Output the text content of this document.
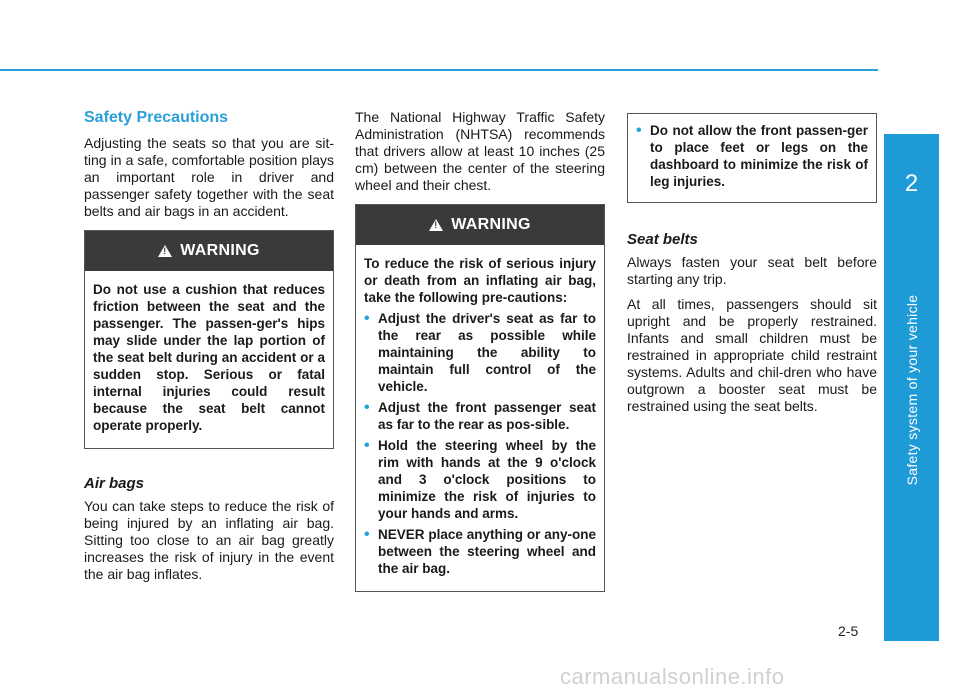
2
Safety system of your vehicle
Safety Precautions

Adjusting the seats so that you are sit-ting in a safe, comfortable position plays an important role in driver and passenger safety together with the seat belts and air bags in an accident.

!
WARNING

Do not use a cushion that reduces friction between the seat and the passenger. The passen-ger's hips may slide under the lap portion of the seat belt during an accident or a sudden stop. Serious or fatal internal injuries could result because the seat belt cannot operate properly.

Air bags

You can take steps to reduce the risk of being injured by an inflating air bag. Sitting too close to an air bag greatly increases the risk of injury in the event the air bag inflates.

The National Highway Traffic Safety Administration (NHTSA) recommends that drivers allow at least 10 inches (25 cm) between the center of the steering wheel and their chest.

!
WARNING

To reduce the risk of serious injury or death from an inflating air bag, take the following pre-cautions:

• Adjust the driver's seat as far to the rear as possible while maintaining the ability to maintain full control of the vehicle.
• Adjust the front passenger seat as far to the rear as pos-sible.
• Hold the steering wheel by the rim with hands at the 9 o'clock and 3 o'clock positions to minimize the risk of injuries to your hands and arms.
• NEVER place anything or any-one between the steering wheel and the air bag.
• Do not allow the front passen-ger to place feet or legs on the dashboard to minimize the risk of leg injuries.
Seat belts

Always fasten your seat belt before starting any trip.

At all times, passengers should sit upright and be properly restrained. Infants and small children must be restrained in appropriate child restraint systems. Adults and chil-dren who have outgrown a booster seat must be restrained using the seat belts.

2-5
carmanualsonline.info
